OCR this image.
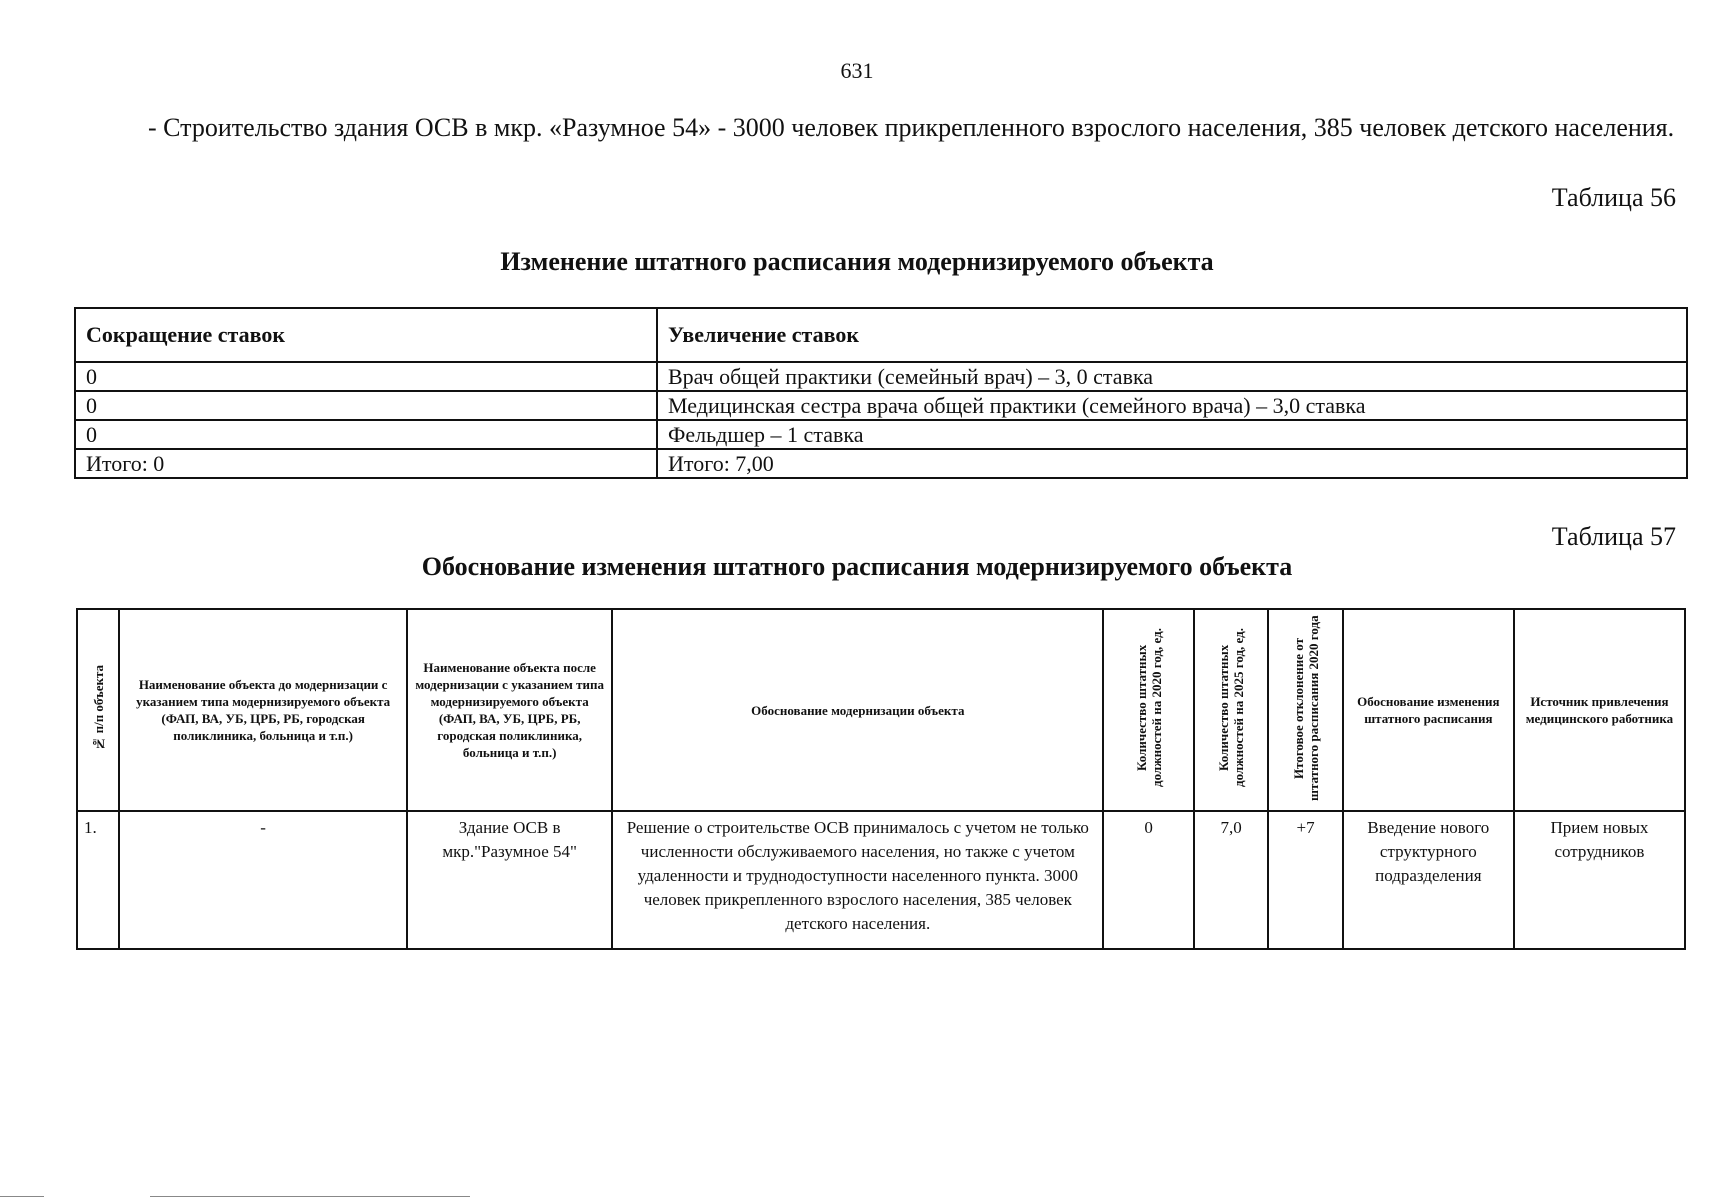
631
- Строительство здания ОСВ в мкр. «Разумное 54» - 3000 человек прикрепленного взрослого населения, 385 человек детского населения.
Таблица 56
Изменение штатного расписания модернизируемого объекта
Сокращение ставок	Увеличение ставок
0	Врач общей практики (семейный врач) – 3, 0 ставка
0	Медицинская сестра врача общей практики (семейного врача) – 3,0 ставка
0	Фельдшер – 1 ставка
Итого: 0	Итого: 7,00
Таблица 57
Обоснование изменения штатного расписания модернизируемого объекта
№ п/п объекта	Наименование объекта до модернизации с указанием типа модернизируемого объекта (ФАП, ВА, УБ, ЦРБ, РБ, городская поликлиника, больница и т.п.)	Наименование объекта после модернизации с указанием типа модернизируемого объекта (ФАП, ВА, УБ, ЦРБ, РБ, городская поликлиника, больница и т.п.)	Обоснование модернизации объекта	Количество штатных должностей на 2020 год, ед.	Количество штатных должностей на 2025 год, ед.	Итоговое отклонение от штатного расписания 2020 года	Обоснование изменения штатного расписания	Источник привлечения медицинского работника
1.	-	Здание ОСВ в мкр."Разумное 54"	Решение о строительстве ОСВ принималось с учетом не только численности обслуживаемого населения, но также с учетом удаленности и труднодоступности населенного пункта. 3000 человек прикрепленного взрослого населения, 385 человек детского населения.	0	7,0	+7	Введение нового структурного подразделения	Прием новых сотрудников
